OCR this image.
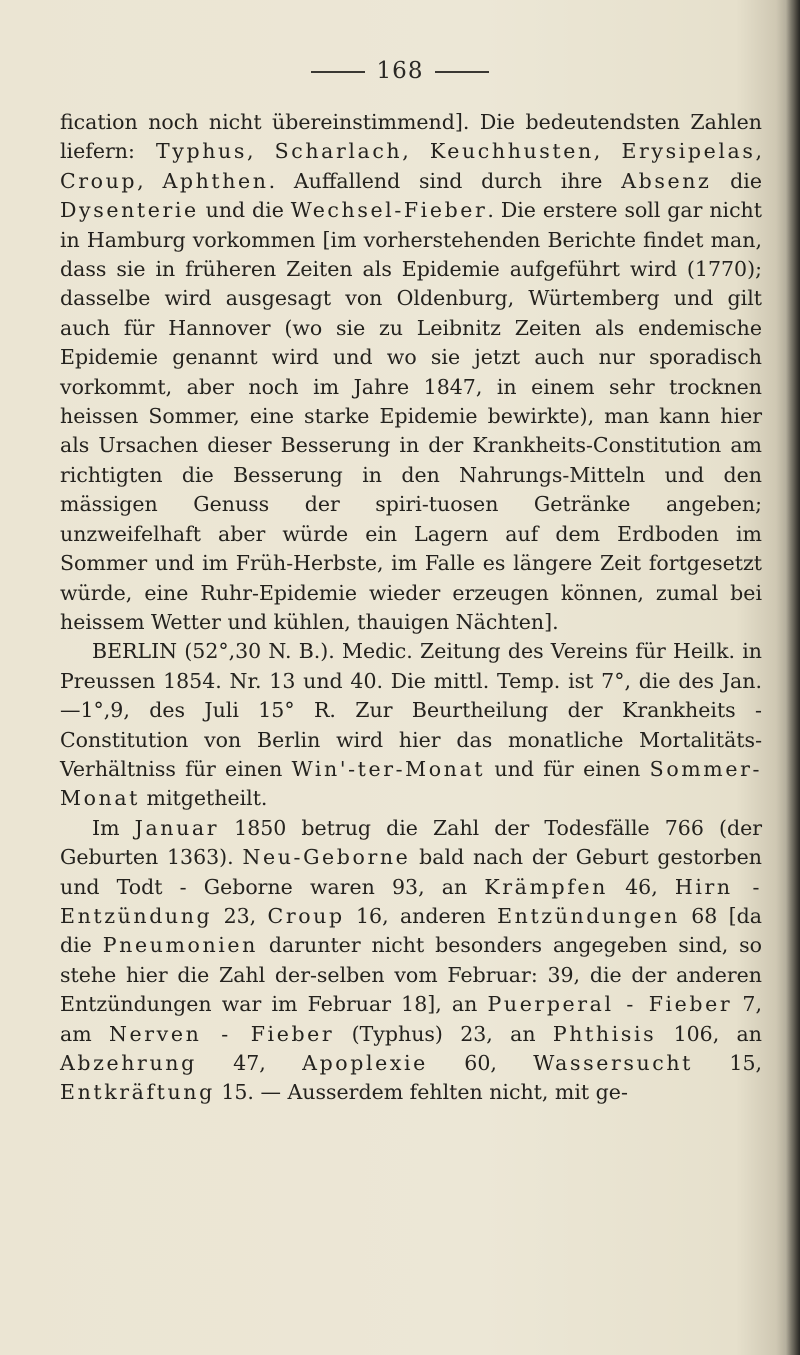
168

fication noch nicht übereinstimmend]. Die bedeutendsten Zahlen liefern: Typhus, Scharlach, Keuchhusten, Erysipelas, Croup, Aphthen. Auffallend sind durch ihre Absenz die Dysenterie und die Wechsel-Fieber. Die erstere soll gar nicht in Hamburg vorkommen [im vorherstehenden Berichte findet man, dass sie in früheren Zeiten als Epidemie aufgeführt wird (1770); dasselbe wird ausgesagt von Oldenburg, Würtemberg und gilt auch für Hannover (wo sie zu Leibnitz Zeiten als endemische Epidemie genannt wird und wo sie jetzt auch nur sporadisch vorkommt, aber noch im Jahre 1847, in einem sehr trocknen heissen Sommer, eine starke Epidemie bewirkte), man kann hier als Ursachen dieser Besserung in der Krankheits-Constitution am richtigten die Besserung in den Nahrungs-Mitteln und den mässigen Genuss der spiri-tuosen Getränke angeben; unzweifelhaft aber würde ein Lagern auf dem Erdboden im Sommer und im Früh-Herbste, im Falle es längere Zeit fortgesetzt würde, eine Ruhr-Epidemie wieder erzeugen können, zumal bei heissem Wetter und kühlen, thauigen Nächten].

BERLIN (52°,30 N. B.). Medic. Zeitung des Vereins für Heilk. in Preussen 1854. Nr. 13 und 40. Die mittl. Temp. ist 7°, die des Jan. —1°,9, des Juli 15° R. Zur Beurtheilung der Krankheits - Constitution von Berlin wird hier das monatliche Mortalitäts-Verhältniss für einen Win'-ter-Monat und für einen Sommer-Monat mitgetheilt.

Im Januar 1850 betrug die Zahl der Todesfälle 766 (der Geburten 1363). Neu-Geborne bald nach der Geburt gestorben und Todt - Geborne waren 93, an Krämpfen 46, Hirn - Entzündung 23, Croup 16, anderen Entzündungen 68 [da die Pneumonien darunter nicht besonders angegeben sind, so stehe hier die Zahl der-selben vom Februar: 39, die der anderen Entzündungen war im Februar 18], an Puerperal - Fieber 7, am Nerven - Fieber (Typhus) 23, an Phthisis 106, an Abzehrung 47, Apoplexie 60, Wassersucht 15, Entkräftung 15. — Ausserdem fehlten nicht, mit ge-
